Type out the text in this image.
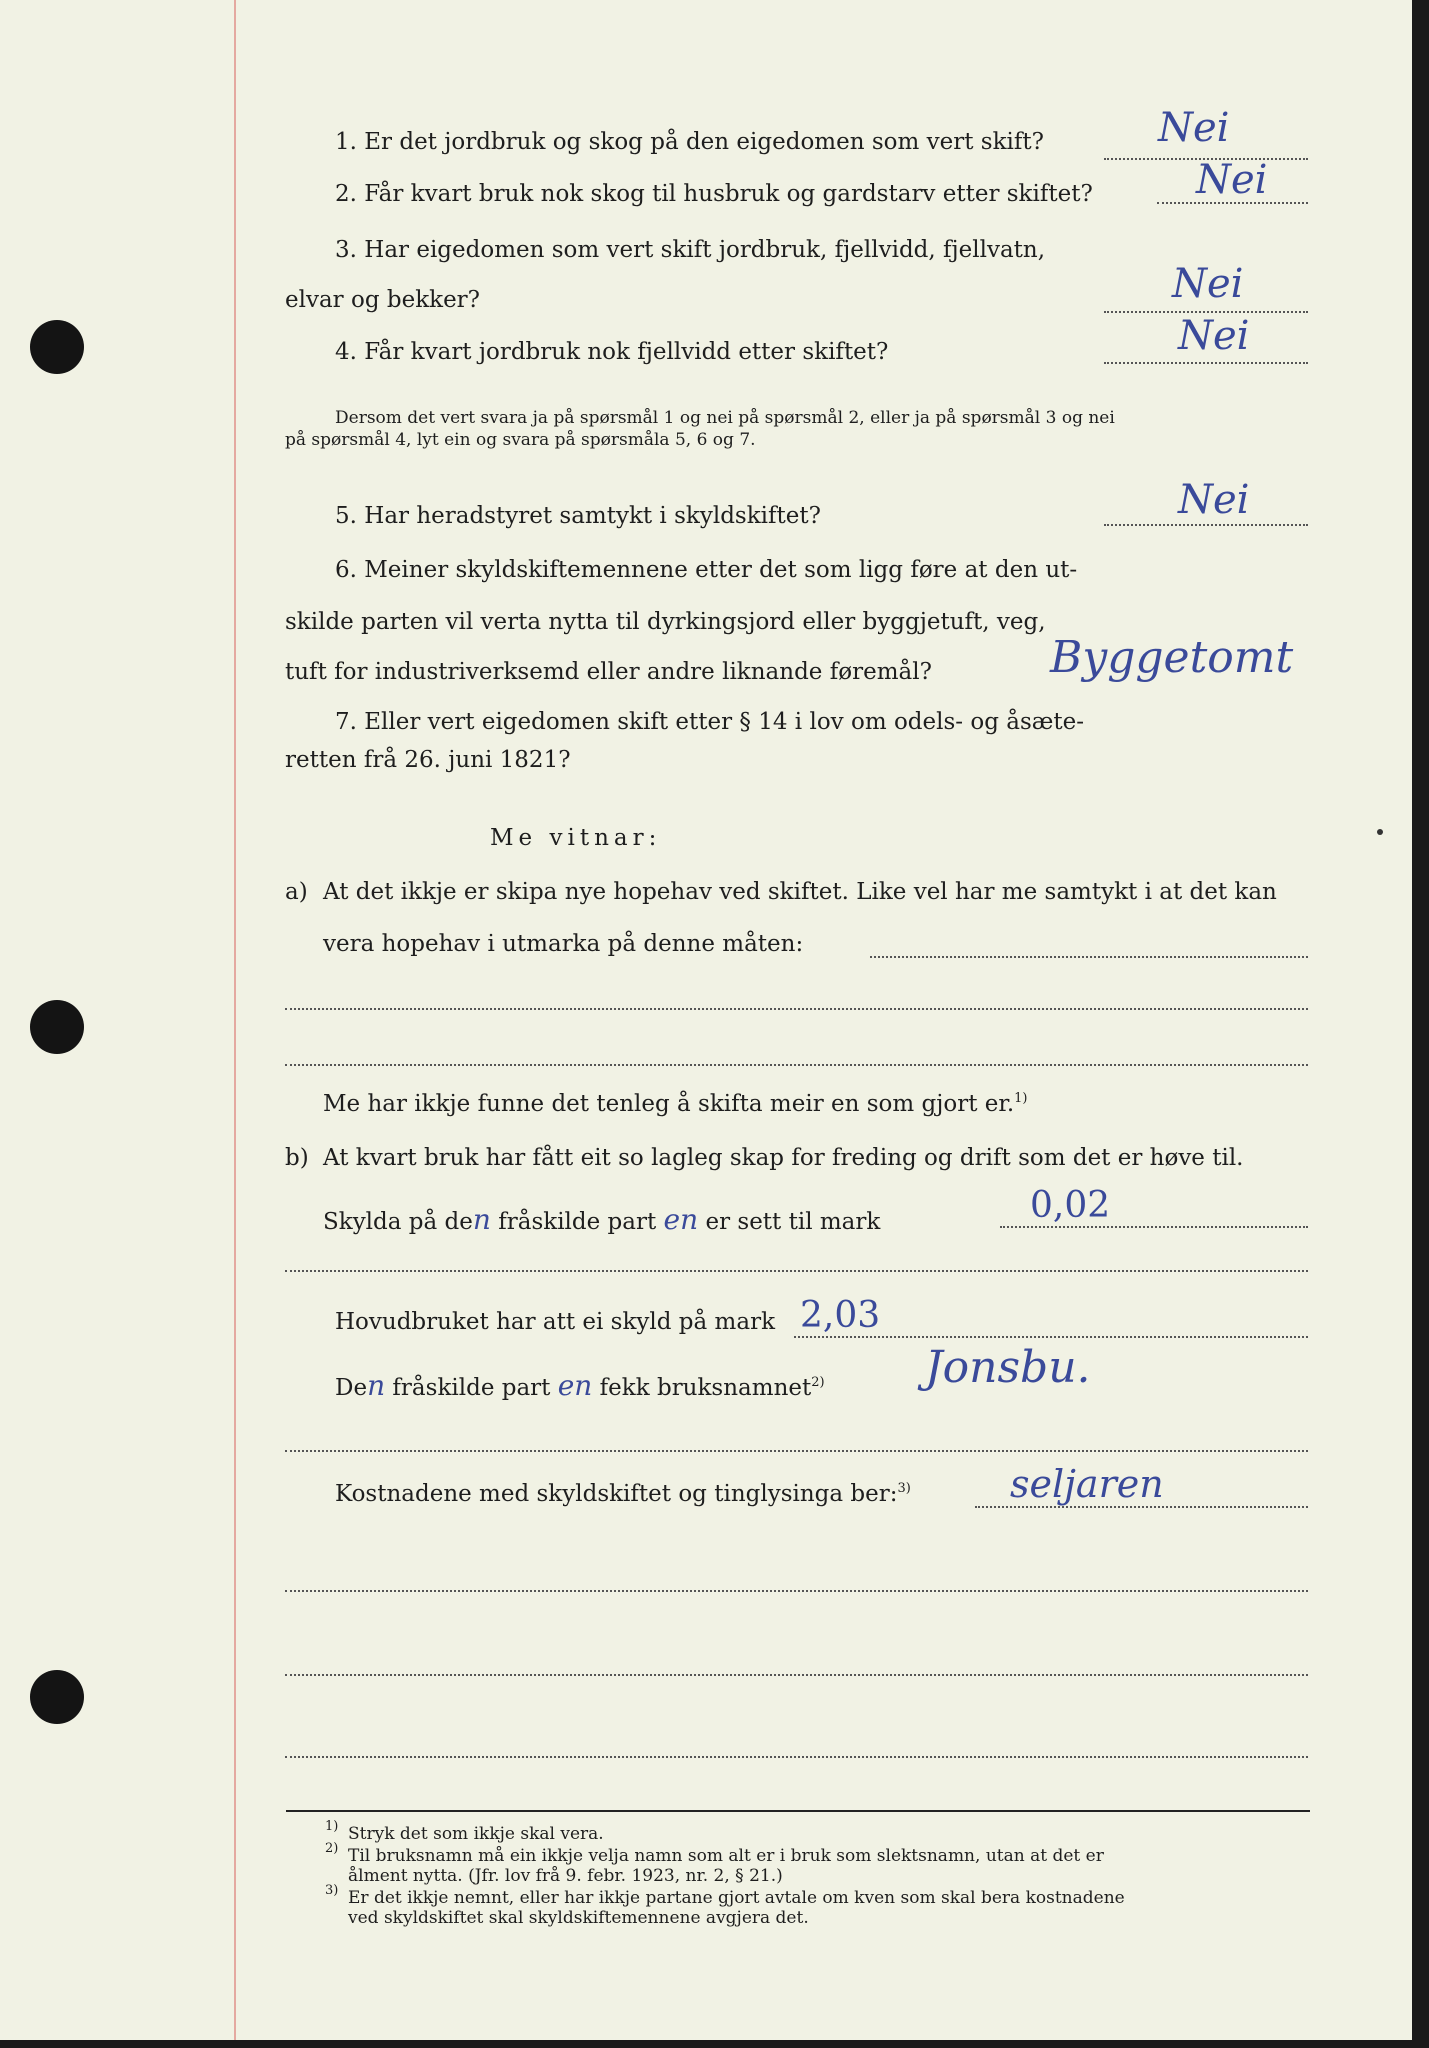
1. Er det jordbruk og skog på den eigedomen som vert skift?	Nei
2. Får kvart bruk nok skog til husbruk og gardstarv etter skiftet?	Nei
3. Har eigedomen som vert skift jordbruk, fjellvidd, fjellvatn,
elvar og bekker?	Nei
4. Får kvart jordbruk nok fjellvidd etter skiftet?	Nei
Dersom det vert svara ja på spørsmål 1 og nei på spørsmål 2, eller ja på spørsmål 3 og nei
på spørsmål 4, lyt ein og svara på spørsmåla 5, 6 og 7.
5. Har heradstyret samtykt i skyldskiftet?	Nei
6. Meiner skyldskiftemennene etter det som ligg føre at den ut-
skilde parten vil verta nytta til dyrkingsjord eller byggjetuft, veg,
tuft for industriverksemd eller andre liknande føremål?	Byggetomt
7. Eller vert eigedomen skift etter § 14 i lov om odels- og åsæte-
retten frå 26. juni 1821?
Me vitnar:
a) At det ikkje er skipa nye hopehav ved skiftet. Like vel har me samtykt i at det kan
vera hopehav i utmarka på denne måten:
Me har ikkje funne det tenleg å skifta meir en som gjort er.$^{1)}$
b) At kvart bruk har fått eit so lagleg skap for freding og drift som det er høve til.
Skylda på den fråskilde part en er sett til mark	0,02
Hovudbruket har att ei skyld på mark 2,03
Den fråskilde part en fekk bruksnamnet$^{2)}$ Jonsbu.
Kostnadene med skyldskiftet og tinglysinga ber:$^{3)}$	seljaren
$^{1)}$ Stryk det som ikkje skal vera.
$^{2)}$ Til bruksnamn må ein ikkje velja namn som alt er i bruk som slektsnamn, utan at det er
ålment nytta. (Jfr. lov frå 9. febr. 1923, nr. 2, § 21.)
$^{3)}$ Er det ikkje nemnt, eller har ikkje partane gjort avtale om kven som skal bera kostnadene
ved skyldskiftet skal skyldskiftemennene avgjera det.
